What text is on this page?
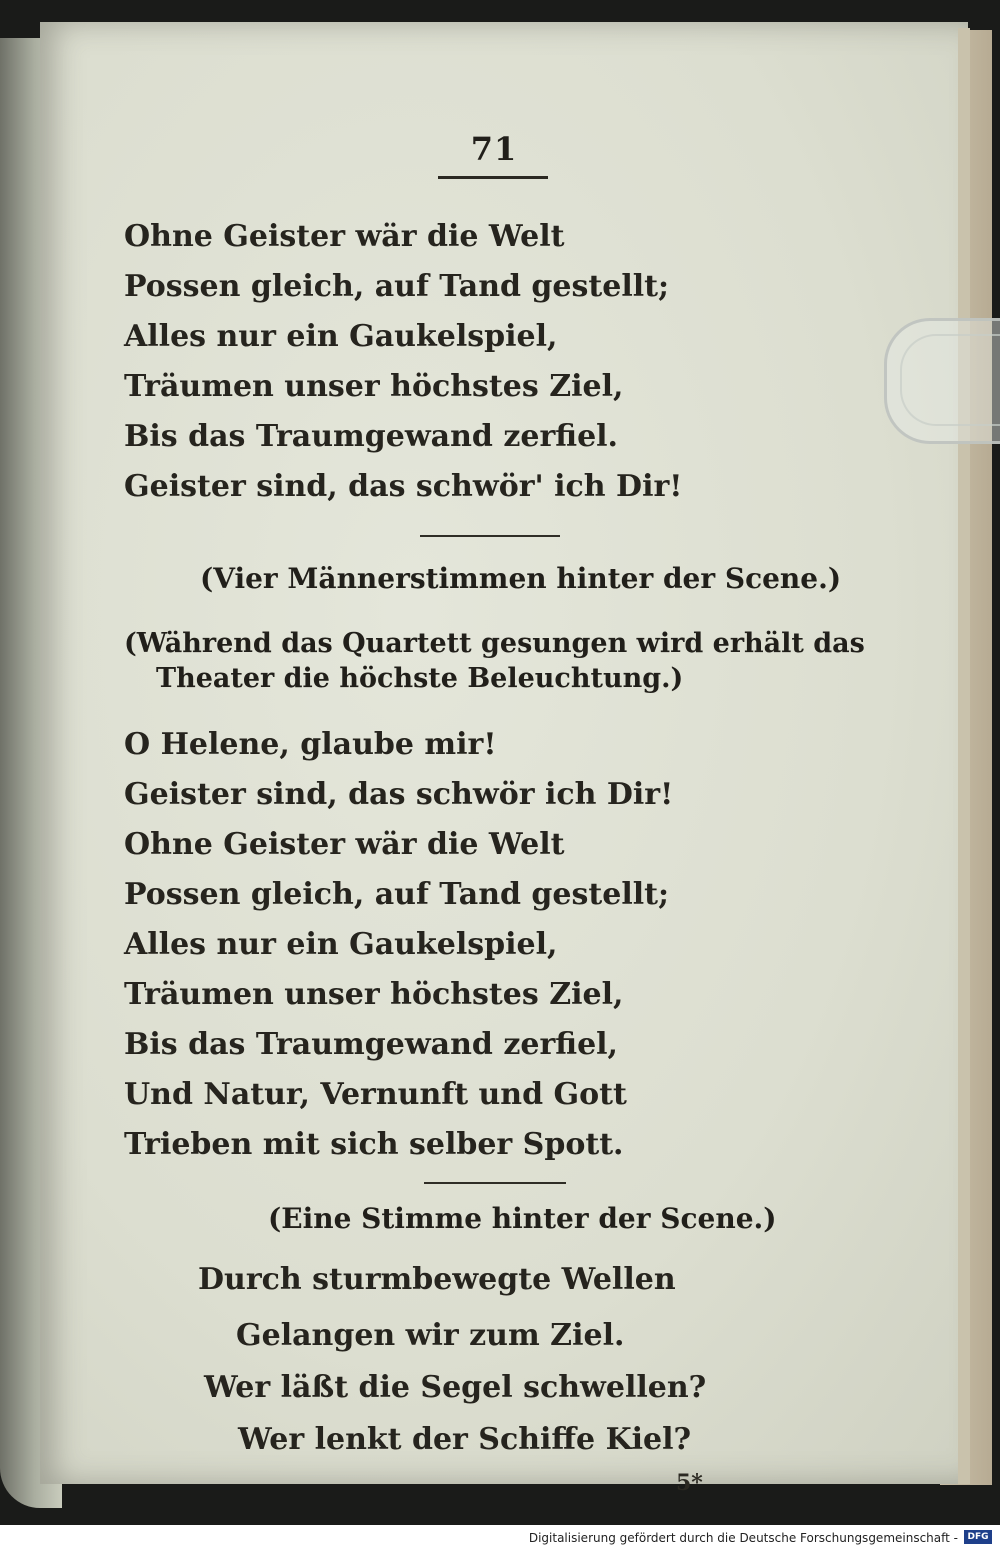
71
Ohne Geister wär die Welt
Possen gleich, auf Tand gestellt;
Alles nur ein Gaukelspiel,
Träumen unser höchstes Ziel,
Bis das Traumgewand zerfiel.
Geister sind, das schwör' ich Dir!
(Vier Männerstimmen hinter der Scene.)
(Während das Quartett gesungen wird erhält das
Theater die höchste Beleuchtung.)
O Helene, glaube mir!
Geister sind, das schwör ich Dir!
Ohne Geister wär die Welt
Possen gleich, auf Tand gestellt;
Alles nur ein Gaukelspiel,
Träumen unser höchstes Ziel,
Bis das Traumgewand zerfiel,
Und Natur, Vernunft und Gott
Trieben mit sich selber Spott.
(Eine Stimme hinter der Scene.)
Durch sturmbewegte Wellen
Gelangen wir zum Ziel.
Wer läßt die Segel schwellen?
Wer lenkt der Schiffe Kiel?
5*
Digitalisierung gefördert durch die Deutsche Forschungsgemeinschaft -	DFG
